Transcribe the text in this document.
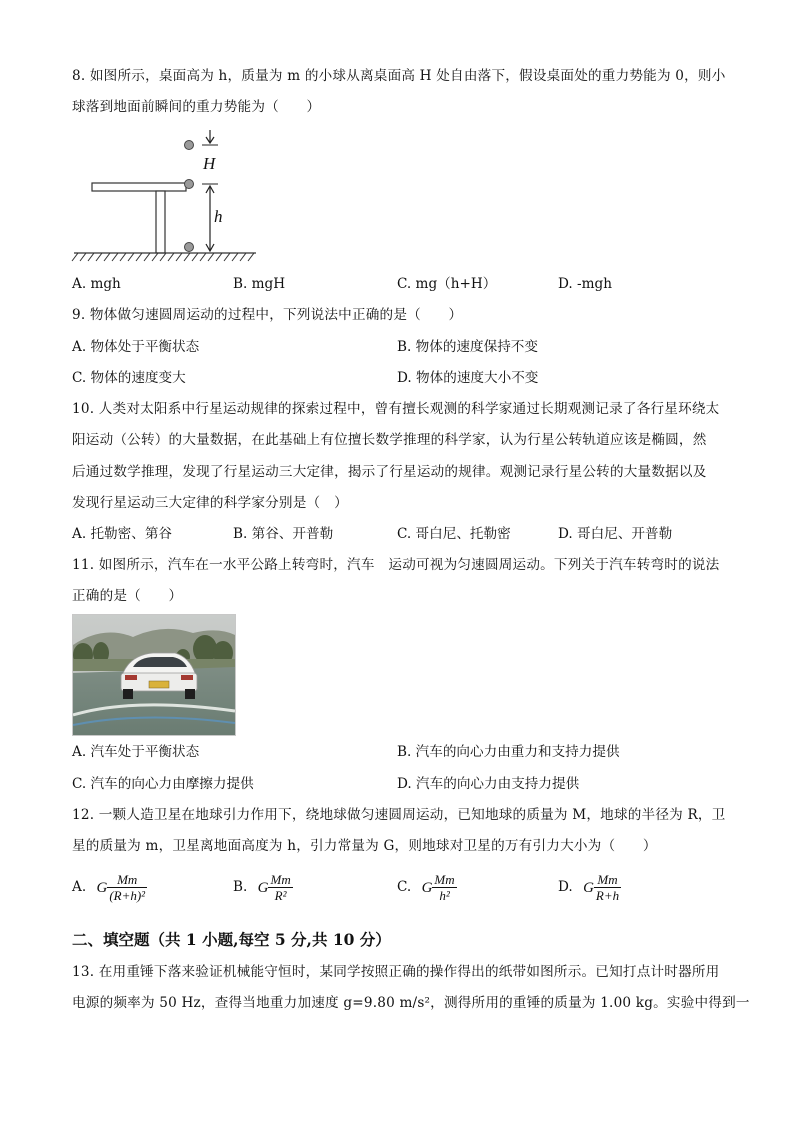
8. 如图所示，桌面高为 h，质量为 m 的小球从离桌面高 H 处自由落下，假设桌面处的重力势能为 0，则小
球落到地面前瞬间的重力势能为（　　）
H
h
A. mgh	B. mgH	C. mg（h+H）	D. -mgh
9. 物体做匀速圆周运动的过程中，下列说法中正确的是（　　）
A. 物体处于平衡状态	B. 物体的速度保持不变
C. 物体的速度变大	D. 物体的速度大小不变
10. 人类对太阳系中行星运动规律的探索过程中，曾有擅长观测的科学家通过长期观测记录了各行星环绕太
阳运动（公转）的大量数据，在此基础上有位擅长数学推理的科学家，认为行星公转轨道应该是椭圆，然
后通过数学推理，发现了行星运动三大定律，揭示了行星运动的规律。观测记录行星公转的大量数据以及
发现行星运动三大定律的科学家分别是（　）
A. 托勒密、第谷	B. 第谷、开普勒	C. 哥白尼、托勒密	D. 哥白尼、开普勒
11. 如图所示，汽车在一水平公路上转弯时，汽车　运动可视为匀速圆周运动。下列关于汽车转弯时的说法
正确的是（　　）
A. 汽车处于平衡状态	B. 汽车的向心力由重力和支持力提供
C. 汽车的向心力由摩擦力提供	D. 汽车的向心力由支持力提供
12. 一颗人造卫星在地球引力作用下，绕地球做匀速圆周运动，已知地球的质量为 M，地球的半径为 R，卫
星的质量为 m，卫星离地面高度为 h，引力常量为 G，则地球对卫星的万有引力大小为（　　）
A. G $\frac{Mm}{\text{(R+h)²}}$	B. G $\frac{Mm}{\text{R²}}$	C. G $\frac{Mm}{\text{h²}}$	D. G $\frac{Mm}{R+h}$
二、填空题（共 1 小题,每空 5 分,共 10 分）
13. 在用重锤下落来验证机械能守恒时，某同学按照正确的操作得出的纸带如图所示。已知打点计时器所用
电源的频率为 50 Hz，查得当地重力加速度 g=9.80 m/s²，测得所用的重锤的质量为 1.00 kg。实验中得到一
